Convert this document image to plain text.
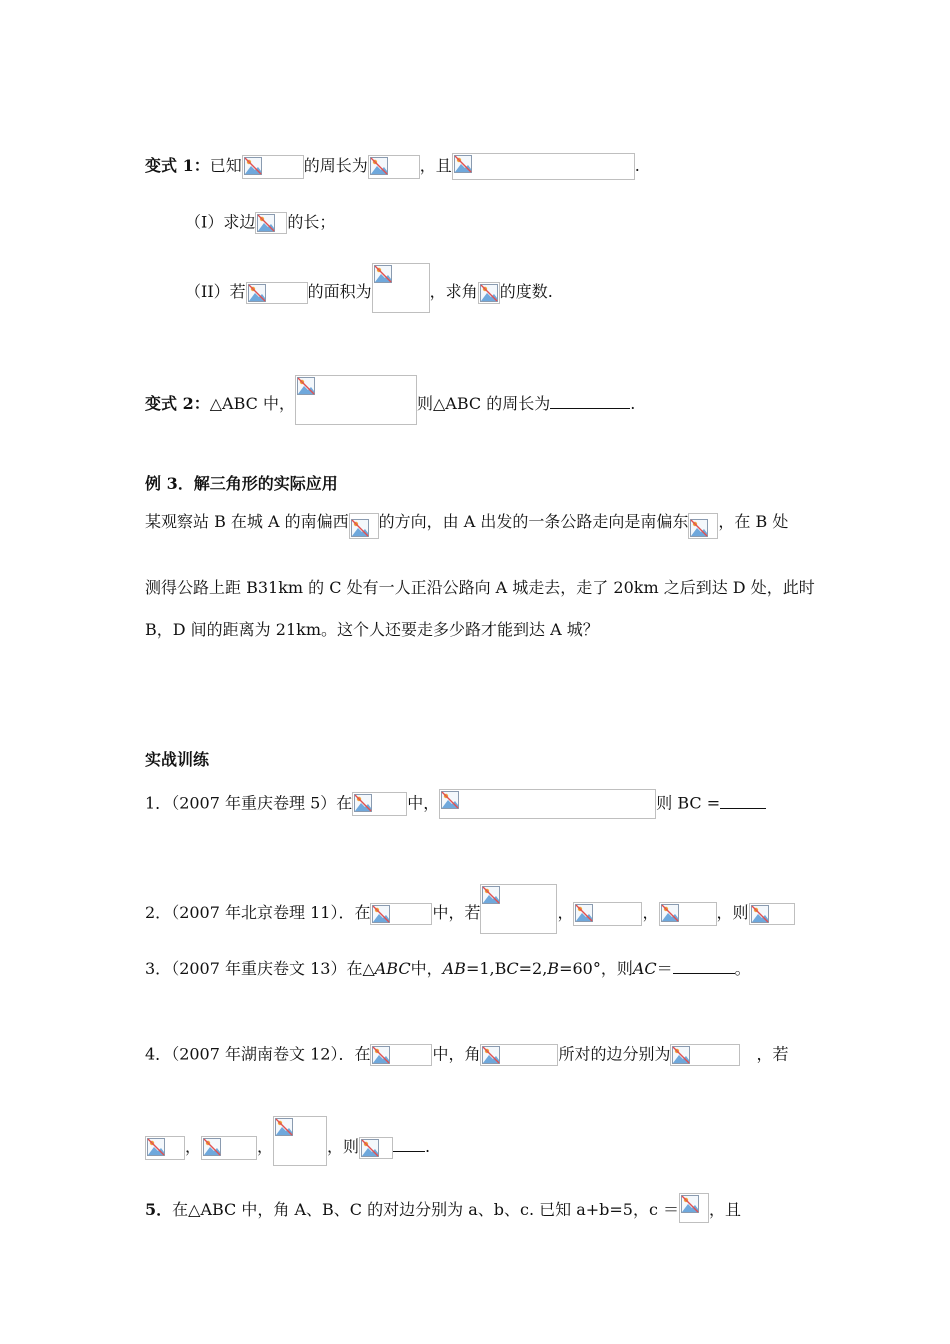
变式 1：已知	的周长为	，且	.
（I）求边 的长；
（II）若	的面积为	，求角 的度数.
变式 2：△ABC 中，	则△ABC 的周长为	.
例 3．解三角形的实际应用
某观察站 B 在城 A 的南偏西 的方向，由 A 出发的一条公路走向是南偏东 ，在 B 处
测得公路上距 B31km 的 C 处有一人正沿公路向 A 城走去，走了 20km 之后到达 D 处，此时
B，D 间的距离为 21km。这个人还要走多少路才能到达 A 城？
实战训练
1．（2007 年重庆卷理 5）在	中，	则 BC =
2．（2007 年北京卷理 11）．在	中，若	，	，	，则
3．（2007 年重庆卷文 13）在△ABC中，AB=1,BC=2,B=60°，则AC＝	。
4．（2007 年湖南卷文 12）．在	中，角	所对的边分别为	，若
，	，	，则	.
5．在△ABC 中，角 A、B、C 的对边分别为 a、b、c. 已知 a+b=5，c ＝ ，且
